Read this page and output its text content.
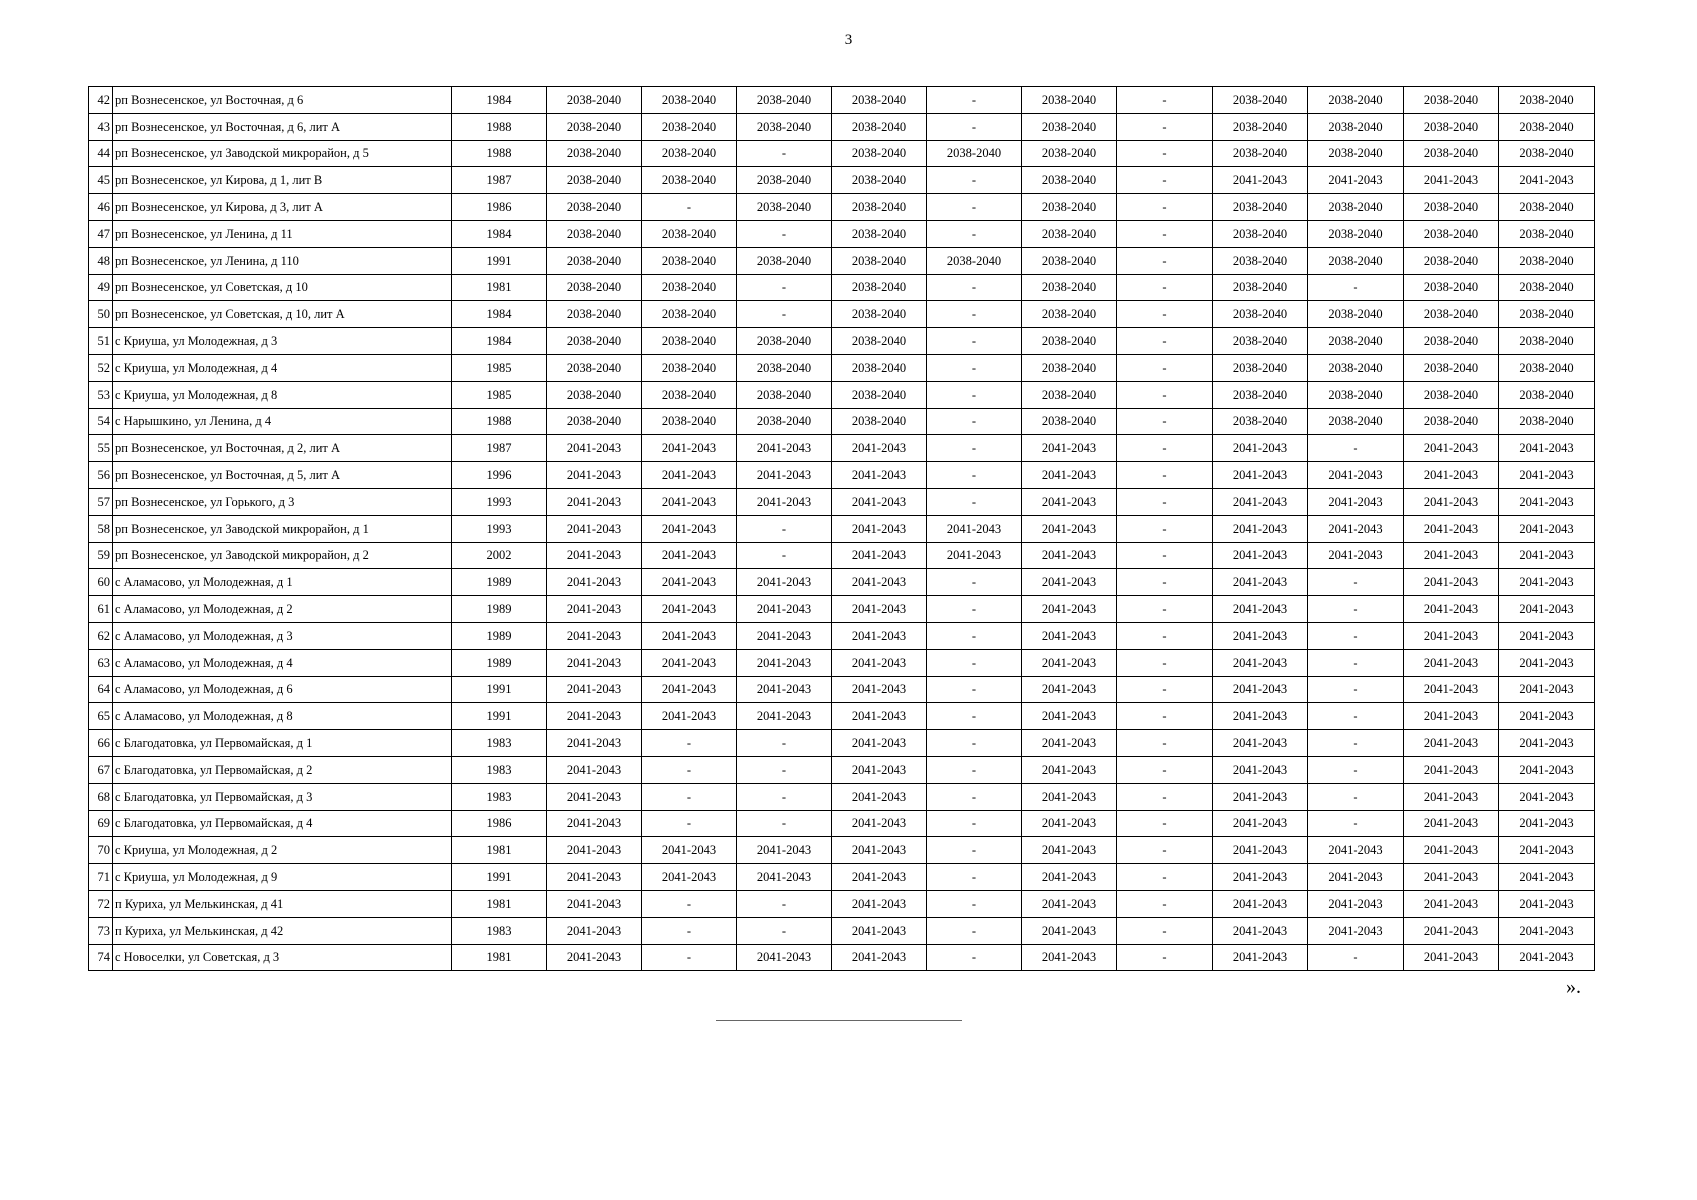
3
42	рп Вознесенское, ул Восточная, д 6	1984	2038-2040	2038-2040	2038-2040	2038-2040	-	2038-2040	-	2038-2040	2038-2040	2038-2040	2038-2040
43	рп Вознесенское, ул Восточная, д 6, лит А	1988	2038-2040	2038-2040	2038-2040	2038-2040	-	2038-2040	-	2038-2040	2038-2040	2038-2040	2038-2040
44	рп Вознесенское, ул Заводской микрорайон, д 5	1988	2038-2040	2038-2040	-	2038-2040	2038-2040	2038-2040	-	2038-2040	2038-2040	2038-2040	2038-2040
45	рп Вознесенское, ул Кирова, д 1, лит В	1987	2038-2040	2038-2040	2038-2040	2038-2040	-	2038-2040	-	2041-2043	2041-2043	2041-2043	2041-2043
46	рп Вознесенское, ул Кирова, д 3, лит А	1986	2038-2040	-	2038-2040	2038-2040	-	2038-2040	-	2038-2040	2038-2040	2038-2040	2038-2040
47	рп Вознесенское, ул Ленина, д 11	1984	2038-2040	2038-2040	-	2038-2040	-	2038-2040	-	2038-2040	2038-2040	2038-2040	2038-2040
48	рп Вознесенское, ул Ленина, д 110	1991	2038-2040	2038-2040	2038-2040	2038-2040	2038-2040	2038-2040	-	2038-2040	2038-2040	2038-2040	2038-2040
49	рп Вознесенское, ул Советская, д 10	1981	2038-2040	2038-2040	-	2038-2040	-	2038-2040	-	2038-2040	-	2038-2040	2038-2040
50	рп Вознесенское, ул Советская, д 10, лит А	1984	2038-2040	2038-2040	-	2038-2040	-	2038-2040	-	2038-2040	2038-2040	2038-2040	2038-2040
51	с Криуша, ул Молодежная, д 3	1984	2038-2040	2038-2040	2038-2040	2038-2040	-	2038-2040	-	2038-2040	2038-2040	2038-2040	2038-2040
52	с Криуша, ул Молодежная, д 4	1985	2038-2040	2038-2040	2038-2040	2038-2040	-	2038-2040	-	2038-2040	2038-2040	2038-2040	2038-2040
53	с Криуша, ул Молодежная, д 8	1985	2038-2040	2038-2040	2038-2040	2038-2040	-	2038-2040	-	2038-2040	2038-2040	2038-2040	2038-2040
54	с Нарышкино, ул Ленина, д 4	1988	2038-2040	2038-2040	2038-2040	2038-2040	-	2038-2040	-	2038-2040	2038-2040	2038-2040	2038-2040
55	рп Вознесенское, ул Восточная, д 2, лит А	1987	2041-2043	2041-2043	2041-2043	2041-2043	-	2041-2043	-	2041-2043	-	2041-2043	2041-2043
56	рп Вознесенское, ул Восточная, д 5, лит А	1996	2041-2043	2041-2043	2041-2043	2041-2043	-	2041-2043	-	2041-2043	2041-2043	2041-2043	2041-2043
57	рп Вознесенское, ул Горького, д 3	1993	2041-2043	2041-2043	2041-2043	2041-2043	-	2041-2043	-	2041-2043	2041-2043	2041-2043	2041-2043
58	рп Вознесенское, ул Заводской микрорайон, д 1	1993	2041-2043	2041-2043	-	2041-2043	2041-2043	2041-2043	-	2041-2043	2041-2043	2041-2043	2041-2043
59	рп Вознесенское, ул Заводской микрорайон, д 2	2002	2041-2043	2041-2043	-	2041-2043	2041-2043	2041-2043	-	2041-2043	2041-2043	2041-2043	2041-2043
60	с Аламасово, ул Молодежная, д 1	1989	2041-2043	2041-2043	2041-2043	2041-2043	-	2041-2043	-	2041-2043	-	2041-2043	2041-2043
61	с Аламасово, ул Молодежная, д 2	1989	2041-2043	2041-2043	2041-2043	2041-2043	-	2041-2043	-	2041-2043	-	2041-2043	2041-2043
62	с Аламасово, ул Молодежная, д 3	1989	2041-2043	2041-2043	2041-2043	2041-2043	-	2041-2043	-	2041-2043	-	2041-2043	2041-2043
63	с Аламасово, ул Молодежная, д 4	1989	2041-2043	2041-2043	2041-2043	2041-2043	-	2041-2043	-	2041-2043	-	2041-2043	2041-2043
64	с Аламасово, ул Молодежная, д 6	1991	2041-2043	2041-2043	2041-2043	2041-2043	-	2041-2043	-	2041-2043	-	2041-2043	2041-2043
65	с Аламасово, ул Молодежная, д 8	1991	2041-2043	2041-2043	2041-2043	2041-2043	-	2041-2043	-	2041-2043	-	2041-2043	2041-2043
66	с Благодатовка, ул Первомайская, д 1	1983	2041-2043	-	-	2041-2043	-	2041-2043	-	2041-2043	-	2041-2043	2041-2043
67	с Благодатовка, ул Первомайская, д 2	1983	2041-2043	-	-	2041-2043	-	2041-2043	-	2041-2043	-	2041-2043	2041-2043
68	с Благодатовка, ул Первомайская, д 3	1983	2041-2043	-	-	2041-2043	-	2041-2043	-	2041-2043	-	2041-2043	2041-2043
69	с Благодатовка, ул Первомайская, д 4	1986	2041-2043	-	-	2041-2043	-	2041-2043	-	2041-2043	-	2041-2043	2041-2043
70	с Криуша, ул Молодежная, д 2	1981	2041-2043	2041-2043	2041-2043	2041-2043	-	2041-2043	-	2041-2043	2041-2043	2041-2043	2041-2043
71	с Криуша, ул Молодежная, д 9	1991	2041-2043	2041-2043	2041-2043	2041-2043	-	2041-2043	-	2041-2043	2041-2043	2041-2043	2041-2043
72	п Куриха, ул Мелькинская, д 41	1981	2041-2043	-	-	2041-2043	-	2041-2043	-	2041-2043	2041-2043	2041-2043	2041-2043
73	п Куриха, ул Мелькинская, д 42	1983	2041-2043	-	-	2041-2043	-	2041-2043	-	2041-2043	2041-2043	2041-2043	2041-2043
74	с Новоселки, ул Советская, д 3	1981	2041-2043	-	2041-2043	2041-2043	-	2041-2043	-	2041-2043	-	2041-2043	2041-2043
».
